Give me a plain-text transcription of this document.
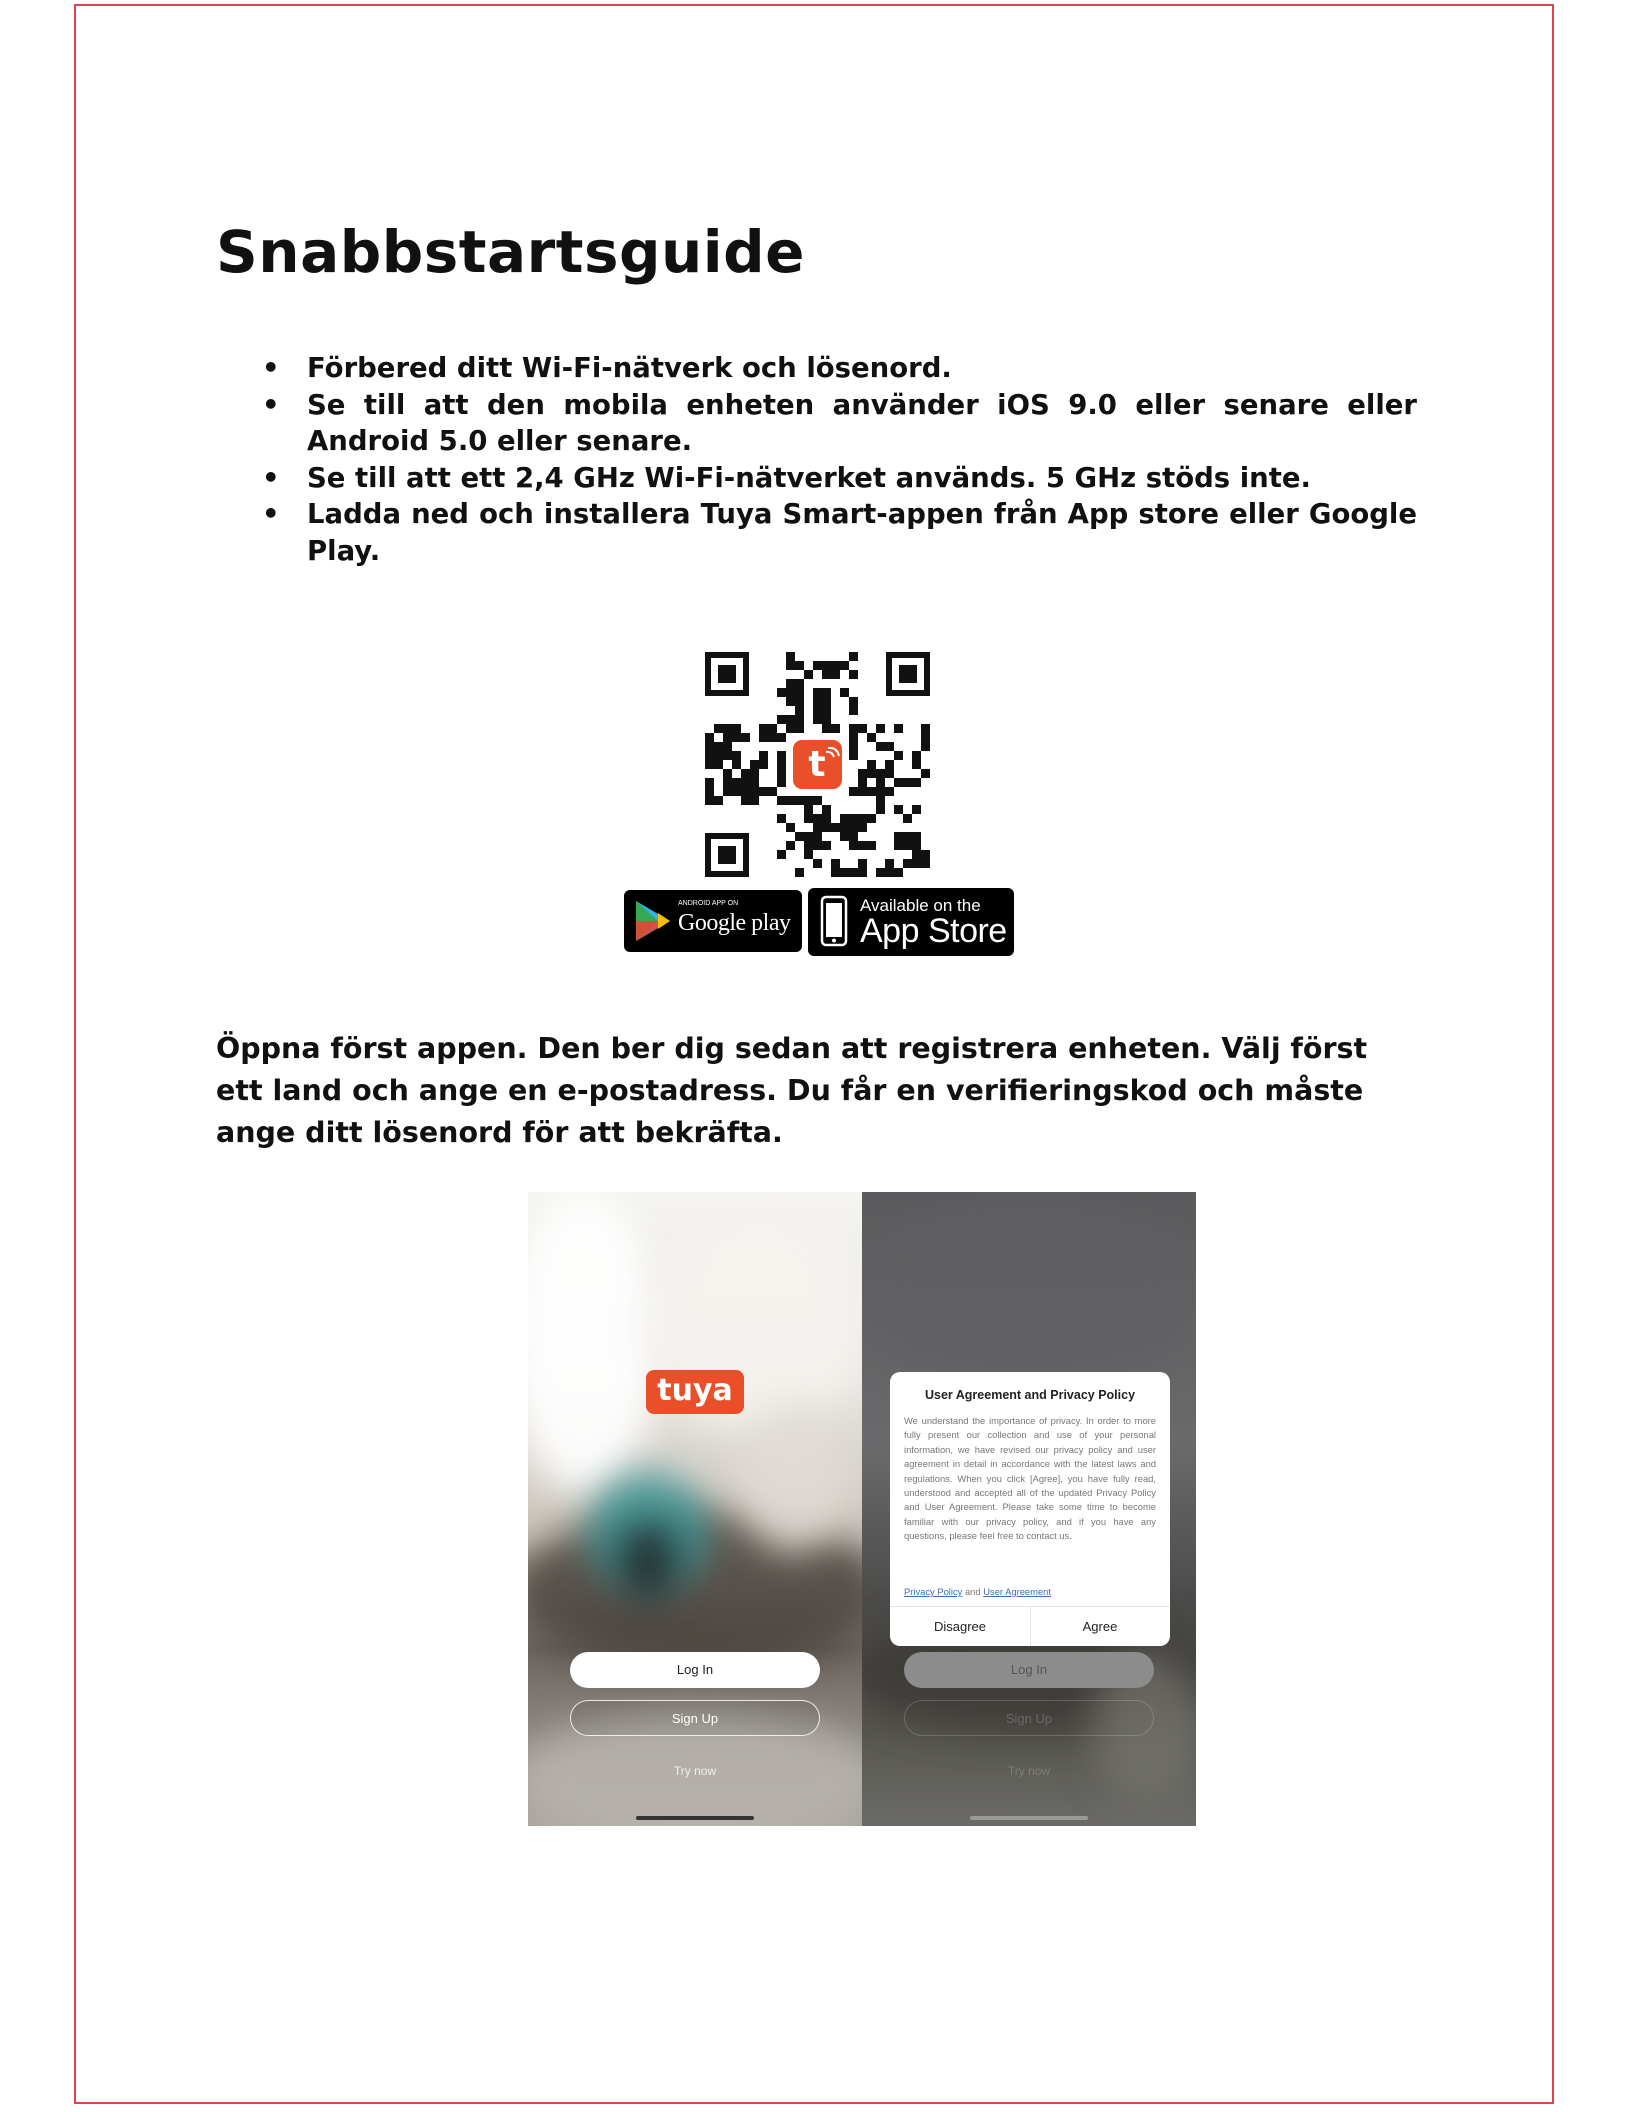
Snabbstartsguide
• Förbered ditt Wi-Fi-nätverk och lösenord.
• Se till att den mobila enheten använder iOS 9.0 eller senare eller Android 5.0 eller senare.
• Se till att ett 2,4 GHz Wi-Fi-nätverket används. 5 GHz stöds inte.
• Ladda ned och installera Tuya Smart-appen från App store eller Google Play.
t
ANDROID APP ON
Google play
Available on the
App Store

Öppna först appen. Den ber dig sedan att registrera enheten. Välj först ett land och ange en e-postadress. Du får en verifieringskod och måste ange ditt lösenord för att bekräfta.

tuya
Log In
Sign Up
Try now
Log In
Sign Up
Try now
User Agreement and Privacy Policy
We understand the importance of privacy. In order to more fully present our collection and use of your personal information, we have revised our privacy policy and user agreement in detail in accordance with the latest laws and regulations. When you click [Agree], you have fully read, understood and accepted all of the updated Privacy Policy and User Agreement. Please take some time to become familiar with our privacy policy, and if you have any questions, please feel free to contact us.
Privacy Policy and User Agreement
Disagree	Agree
